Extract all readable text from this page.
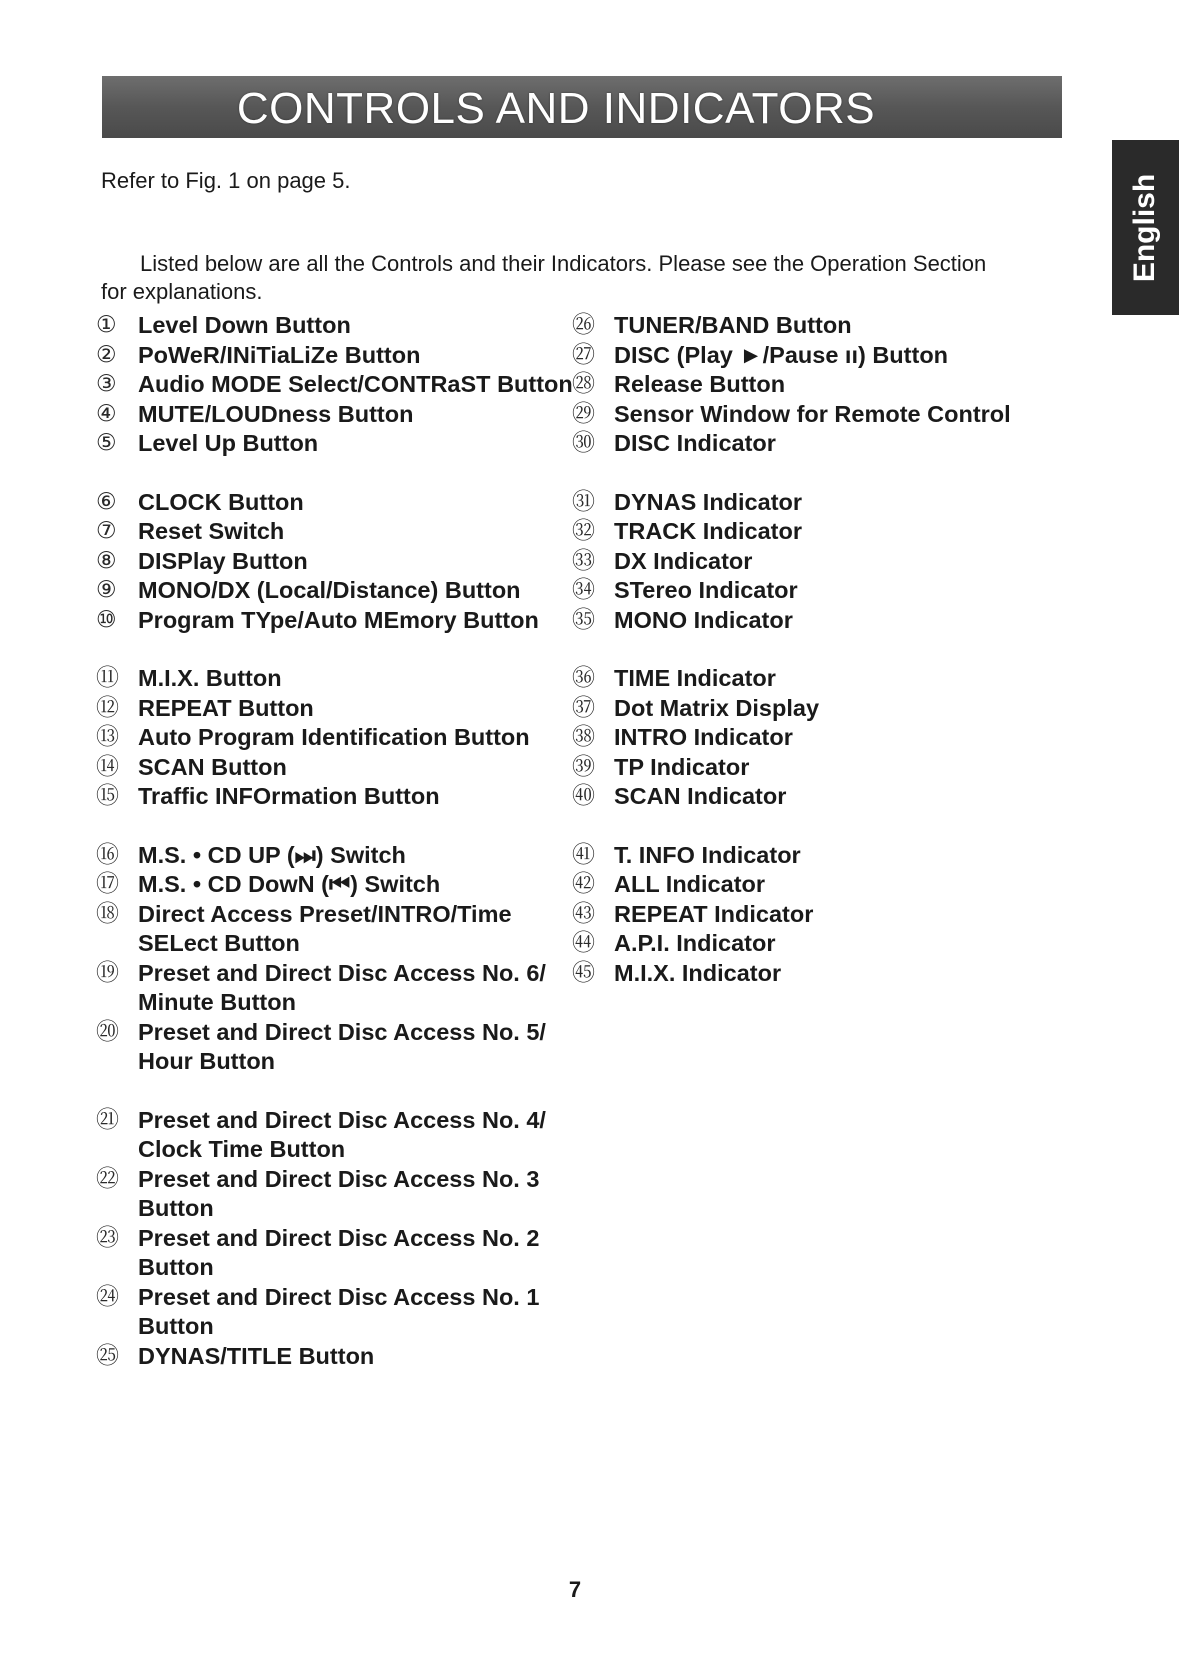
CONTROLS AND INDICATORS
English
Refer to Fig. 1 on page 5.

Listed below are all the Controls and their Indicators. Please see the Operation Section for explanations.

① Level Down Button
② PoWeR/INiTiaLiZe Button
③ Audio MODE Select/CONTRaST Button
④ MUTE/LOUDness Button
⑤ Level Up Button
⑥ CLOCK Button
⑦ Reset Switch
⑧ DISPlay Button
⑨ MONO/DX (Local/Distance) Button
⑩ Program TYpe/Auto MEmory Button
⑪ M.I.X. Button
⑫ REPEAT Button
⑬ Auto Program Identification Button
⑭ SCAN Button
⑮ Traffic INFOrmation Button
⑯ M.S. • CD UP (⏭) Switch
⑰ M.S. • CD DowN (⏮) Switch
⑱ Direct Access Preset/INTRO/Time SELect Button
⑲ Preset and Direct Disc Access No. 6/ Minute Button
⑳ Preset and Direct Disc Access No. 5/ Hour Button
㉑ Preset and Direct Disc Access No. 4/ Clock Time Button
㉒ Preset and Direct Disc Access No. 3 Button
㉓ Preset and Direct Disc Access No. 2 Button
㉔ Preset and Direct Disc Access No. 1 Button
㉕ DYNAS/TITLE Button
㉖ TUNER/BAND Button
㉗ DISC (Play ►/Pause ıı) Button
㉘ Release Button
㉙ Sensor Window for Remote Control
㉚ DISC Indicator
㉛ DYNAS Indicator
㉜ TRACK Indicator
㉝ DX Indicator
㉞ STereo Indicator
㉟ MONO Indicator
㊱ TIME Indicator
㊲ Dot Matrix Display
㊳ INTRO Indicator
㊴ TP Indicator
㊵ SCAN Indicator
㊶ T. INFO Indicator
㊷ ALL Indicator
㊸ REPEAT Indicator
㊹ A.P.I. Indicator
㊺ M.I.X. Indicator
7
